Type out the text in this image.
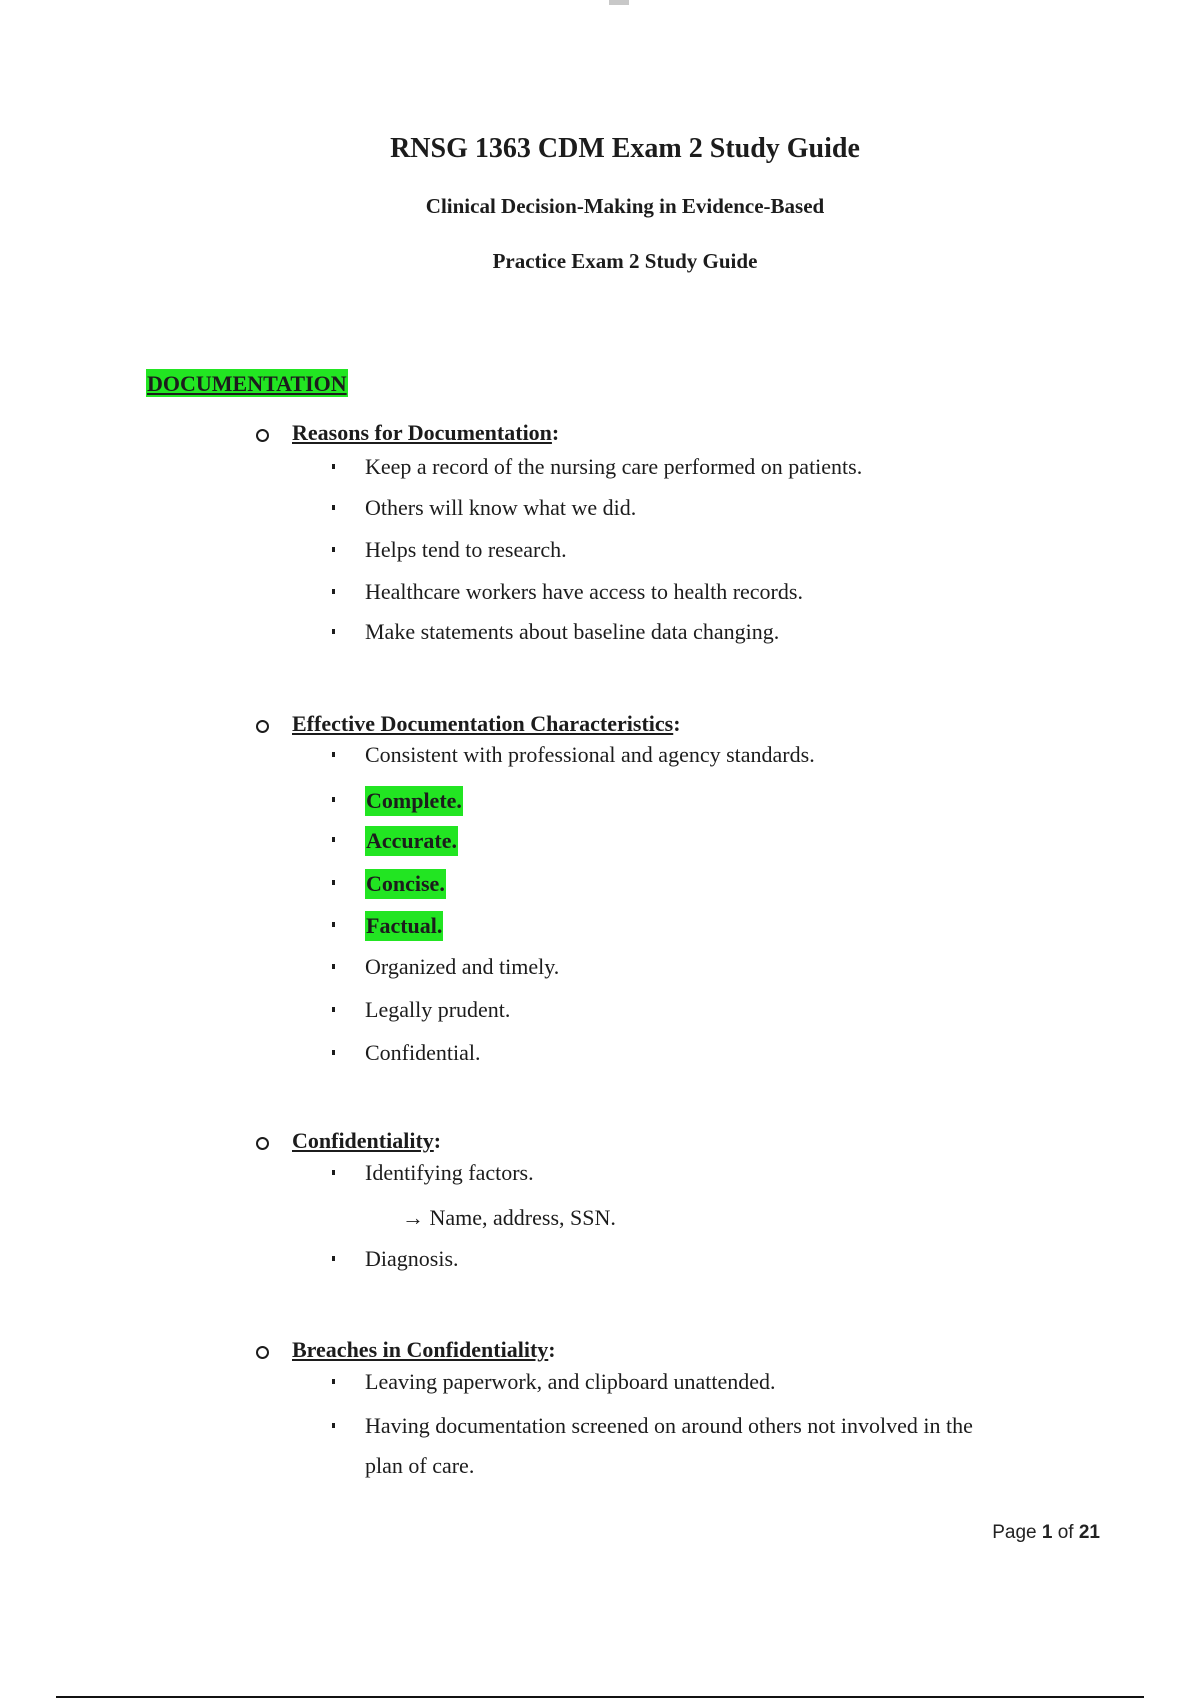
RNSG 1363 CDM Exam 2 Study Guide
Clinical Decision-Making in Evidence-Based
Practice Exam 2 Study Guide
DOCUMENTATION
Reasons for Documentation:
Keep a record of the nursing care performed on patients.
Others will know what we did.
Helps tend to research.
Healthcare workers have access to health records.
Make statements about baseline data changing.
Effective Documentation Characteristics:
Consistent with professional and agency standards.
Complete.
Accurate.
Concise.
Factual.
Organized and timely.
Legally prudent.
Confidential.
Confidentiality:
Identifying factors.
Diagnosis.
→ Name, address, SSN.
Breaches in Confidentiality:
Leaving paperwork, and clipboard unattended.
Having documentation screened on around others not involved in the
plan of care.
Page 1 of 21
